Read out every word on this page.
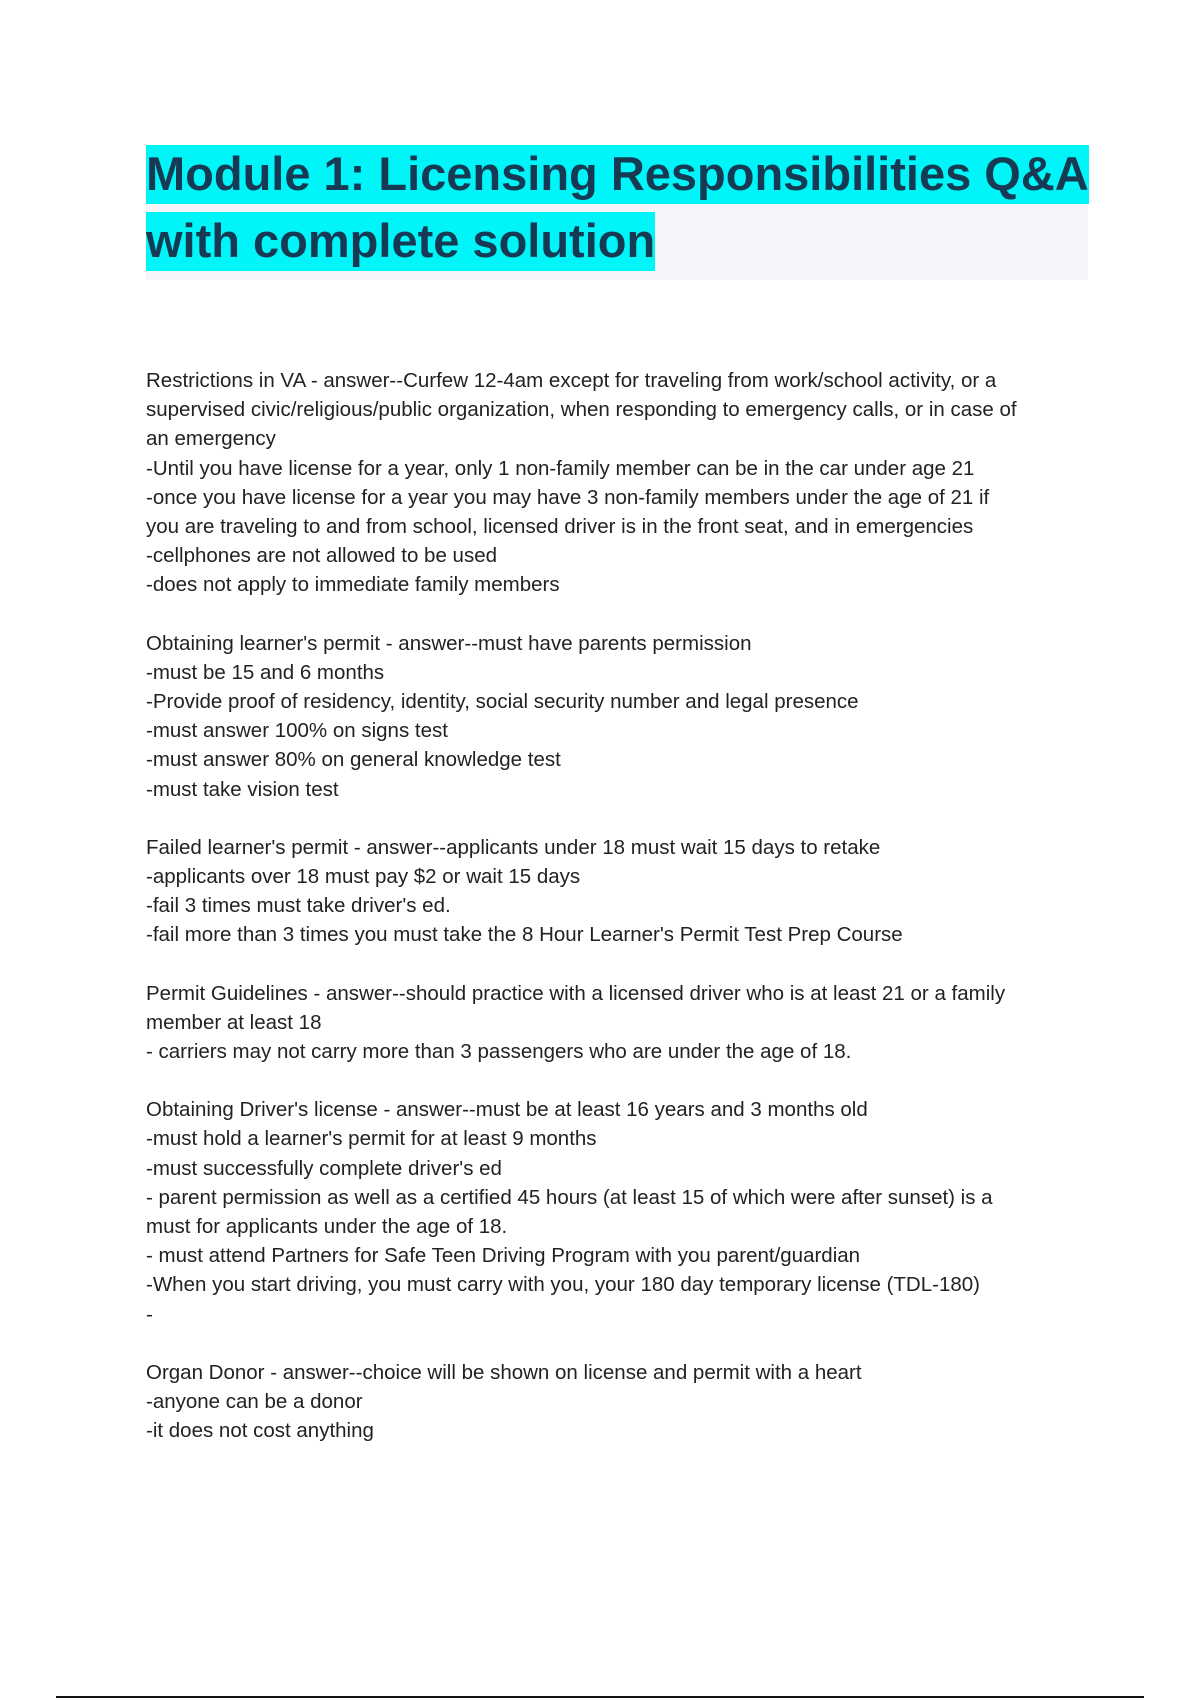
Module 1: Licensing Responsibilities Q&A
with complete solution
Restrictions in VA - answer--Curfew 12-4am except for traveling from work/school activity, or a
supervised civic/religious/public organization, when responding to emergency calls, or in case of
an emergency
-Until you have license for a year, only 1 non-family member can be in the car under age 21
-once you have license for a year you may have 3 non-family members under the age of 21 if
you are traveling to and from school, licensed driver is in the front seat, and in emergencies
-cellphones are not allowed to be used
-does not apply to immediate family members
Obtaining learner's permit - answer--must have parents permission
-must be 15 and 6 months
-Provide proof of residency, identity, social security number and legal presence
-must answer 100% on signs test
-must answer 80% on general knowledge test
-must take vision test
Failed learner's permit - answer--applicants under 18 must wait 15 days to retake
-applicants over 18 must pay $2 or wait 15 days
-fail 3 times must take driver's ed.
-fail more than 3 times you must take the 8 Hour Learner's Permit Test Prep Course
Permit Guidelines - answer--should practice with a licensed driver who is at least 21 or a family
member at least 18
- carriers may not carry more than 3 passengers who are under the age of 18.
Obtaining Driver's license - answer--must be at least 16 years and 3 months old
-must hold a learner's permit for at least 9 months
-must successfully complete driver's ed
- parent permission as well as a certified 45 hours (at least 15 of which were after sunset) is a
must for applicants under the age of 18.
- must attend Partners for Safe Teen Driving Program with you parent/guardian
-When you start driving, you must carry with you, your 180 day temporary license (TDL-180)
-
Organ Donor - answer--choice will be shown on license and permit with a heart
-anyone can be a donor
-it does not cost anything
